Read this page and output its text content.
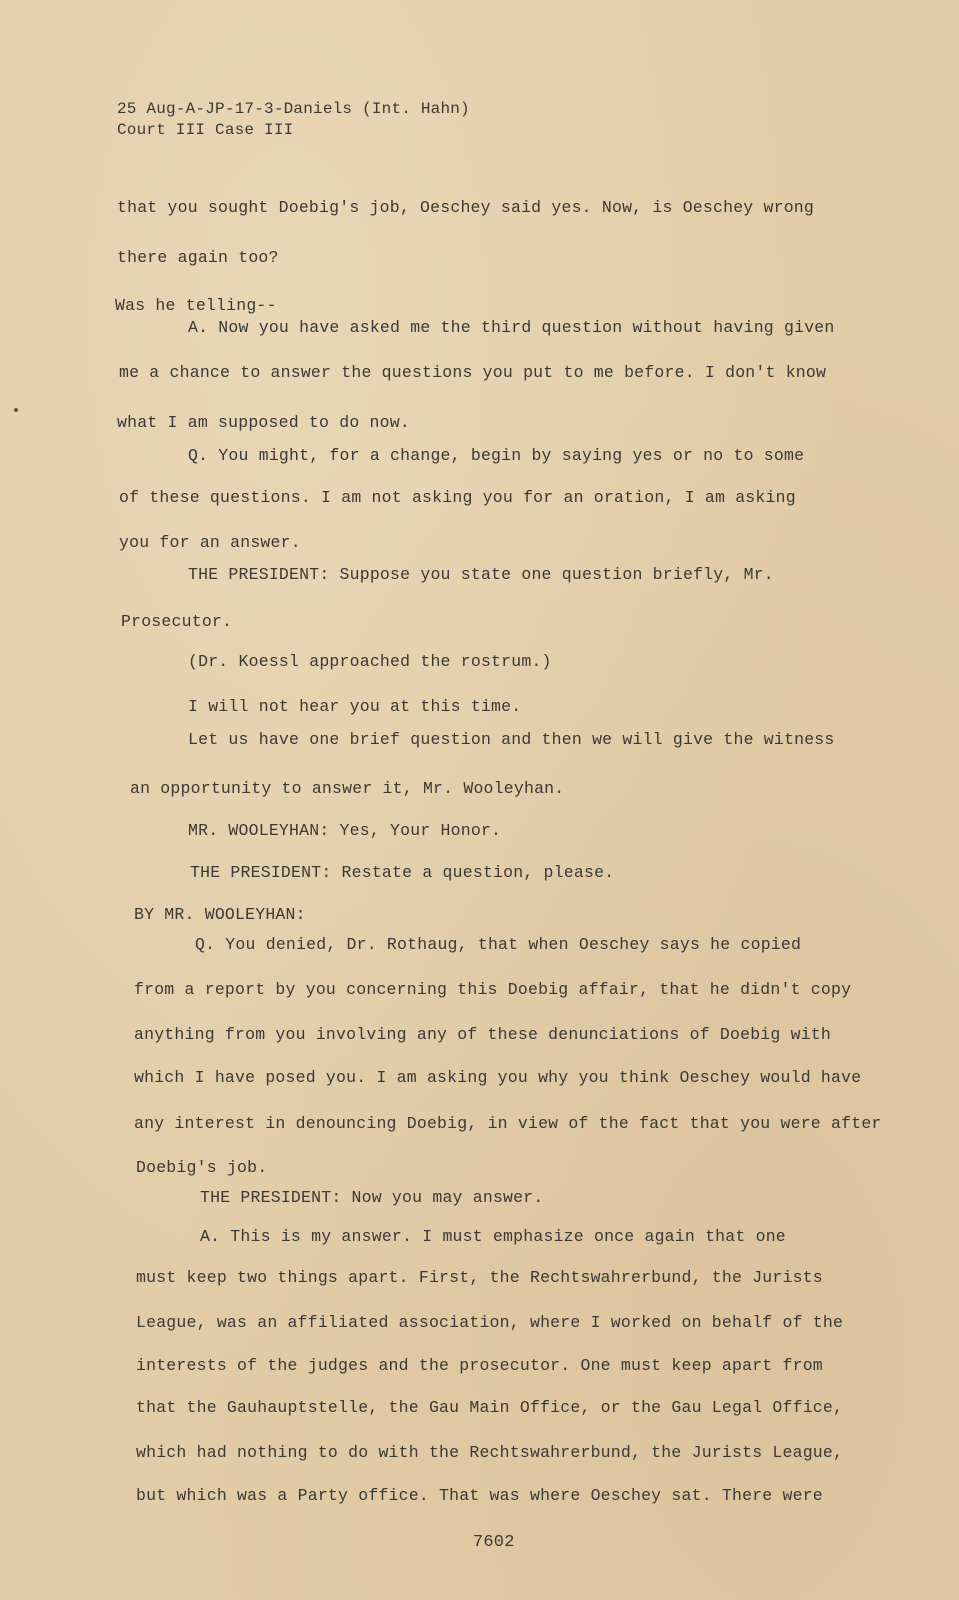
25 Aug-A-JP-17-3-Daniels (Int. Hahn)
Court III Case III
that you sought Doebig's job, Oeschey said yes. Now, is Oeschey wrong
there again too?
Was he telling--
A. Now you have asked me the third question without having given
me a chance to answer the questions you put to me before. I don't know
what I am supposed to do now.
Q. You might, for a change, begin by saying yes or no to some
of these questions. I am not asking you for an oration, I am asking
you for an answer.
THE PRESIDENT: Suppose you state one question briefly, Mr.
Prosecutor.
(Dr. Koessl approached the rostrum.)
I will not hear you at this time.
Let us have one brief question and then we will give the witness
an opportunity to answer it, Mr. Wooleyhan.
MR. WOOLEYHAN: Yes, Your Honor.
THE PRESIDENT: Restate a question, please.
BY MR. WOOLEYHAN:
Q. You denied, Dr. Rothaug, that when Oeschey says he copied
from a report by you concerning this Doebig affair, that he didn't copy
anything from you involving any of these denunciations of Doebig with
which I have posed you. I am asking you why you think Oeschey would have
any interest in denouncing Doebig, in view of the fact that you were after
Doebig's job.
THE PRESIDENT: Now you may answer.
A. This is my answer. I must emphasize once again that one
must keep two things apart. First, the Rechtswahrerbund, the Jurists
League, was an affiliated association, where I worked on behalf of the
interests of the judges and the prosecutor. One must keep apart from
that the Gauhauptstelle, the Gau Main Office, or the Gau Legal Office,
which had nothing to do with the Rechtswahrerbund, the Jurists League,
but which was a Party office. That was where Oeschey sat. There were
7602
